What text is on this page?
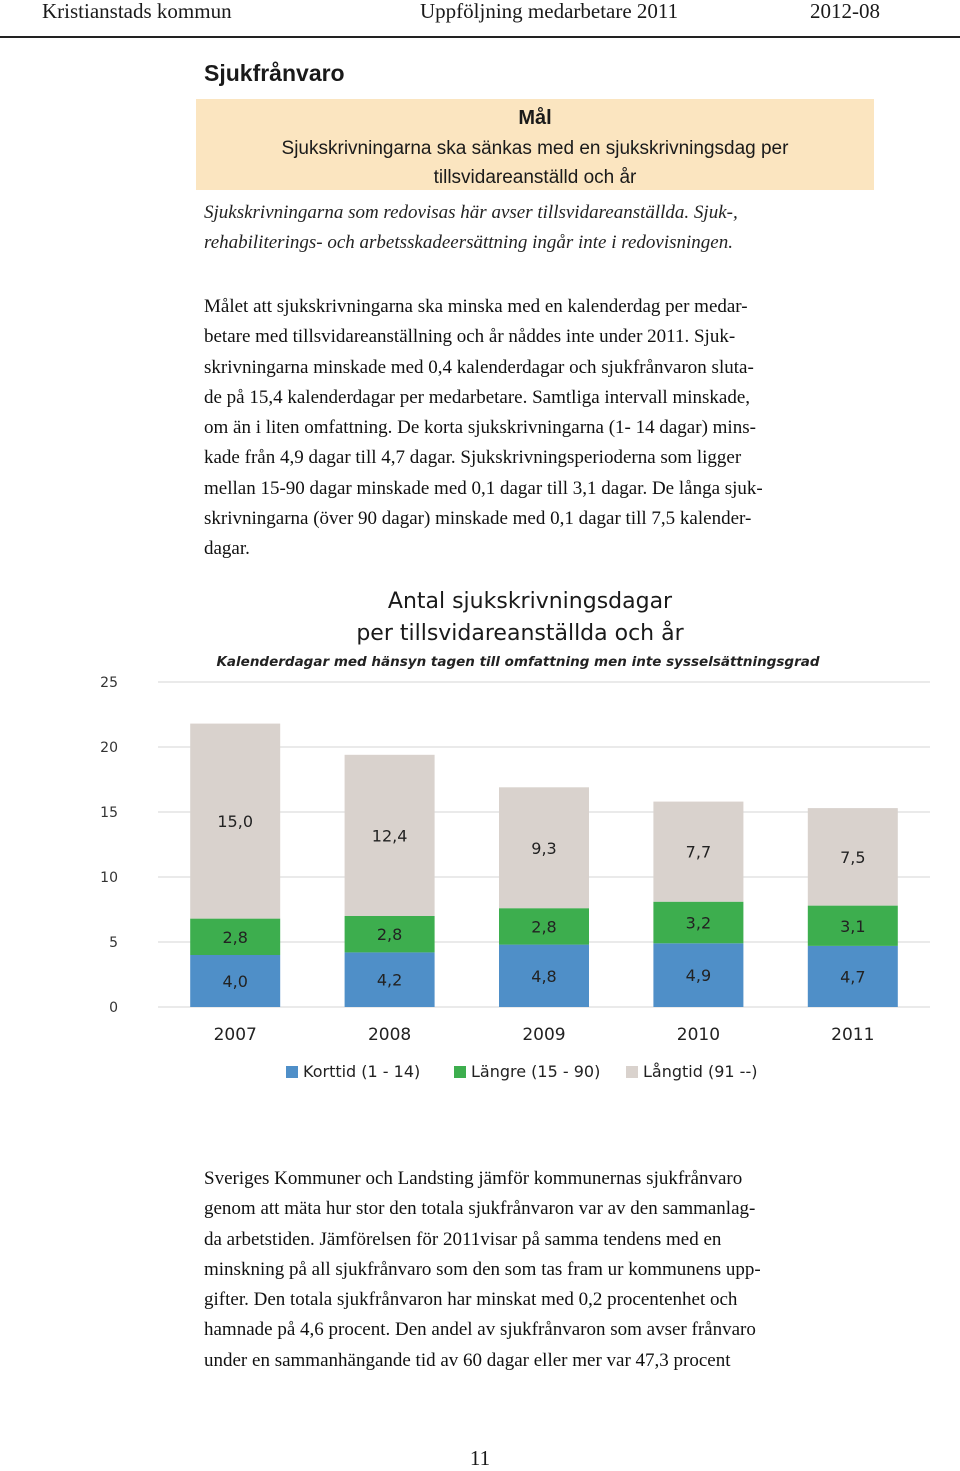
Kristianstads kommun	Uppföljning medarbetare 2011	2012-08
Sjukfrånvaro
Mål
Sjukskrivningarna ska sänkas med en sjukskrivningsdag per
tillsvidareanställd och år
Sjukskrivningarna som redovisas här avser tillsvidareanställda. Sjuk-,
rehabiliterings- och arbetsskadeersättning ingår inte i redovisningen.
Målet att sjukskrivningarna ska minska med en kalenderdag per medar-
betare med tillsvidareanställning och år nåddes inte under 2011. Sjuk-
skrivningarna minskade med 0,4 kalenderdagar och sjukfrånvaron sluta-
de på 15,4 kalenderdagar per medarbetare. Samtliga intervall minskade,
om än i liten omfattning. De korta sjukskrivningarna (1- 14 dagar) mins-
kade från 4,9 dagar till 4,7 dagar. Sjukskrivningsperioderna som ligger
mellan 15-90 dagar minskade med 0,1 dagar till 3,1 dagar. De långa sjuk-
skrivningarna (över 90 dagar) minskade med 0,1 dagar till 7,5 kalender-
dagar.
Antal sjukskrivningsdagar
per tillsvidareanställda och år
Kalenderdagar med hänsyn tagen till omfattning men inte sysselsättningsgrad
0
5
10
15
20
25
4,0
2,8
15,0
2007
4,2
2,8
12,4
2008
4,8
2,8
9,3
2009
4,9
3,2
7,7
2010
4,7
3,1
7,5
2011
Korttid (1 - 14)	Längre (15 - 90)	Långtid (91 --)
Sveriges Kommuner och Landsting jämför kommunernas sjukfrånvaro
genom att mäta hur stor den totala sjukfrånvaron var av den sammanlag-
da arbetstiden. Jämförelsen för 2011visar på samma tendens med en
minskning på all sjukfrånvaro som den som tas fram ur kommunens upp-
gifter. Den totala sjukfrånvaron har minskat med 0,2 procentenhet och
hamnade på 4,6 procent. Den andel av sjukfrånvaron som avser frånvaro
under en sammanhängande tid av 60 dagar eller mer var 47,3 procent
11
